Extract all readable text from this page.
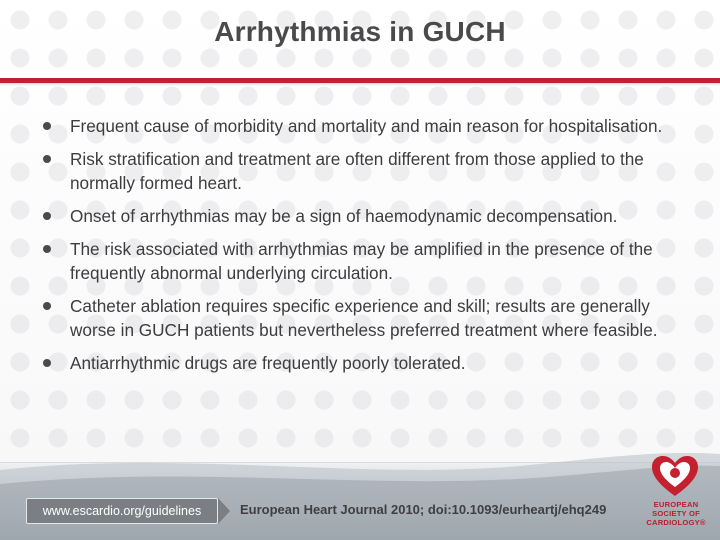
Arrhythmias in GUCH
Frequent cause of morbidity and mortality and main reason for hospitalisation.
Risk stratification and treatment are often different from those applied to the normally formed heart.
Onset of arrhythmias may be a sign of haemodynamic decompensation.
The risk associated with arrhythmias may be amplified in the presence of the frequently abnormal underlying circulation.
Catheter ablation requires specific experience and skill; results are generally worse in GUCH patients but nevertheless preferred treatment where feasible.
Antiarrhythmic drugs are frequently poorly tolerated.
www.escardio.org/guidelines	European Heart Journal 2010; doi:10.1093/eurheartj/ehq249	EUROPEAN
SOCIETY OF
CARDIOLOGY®
